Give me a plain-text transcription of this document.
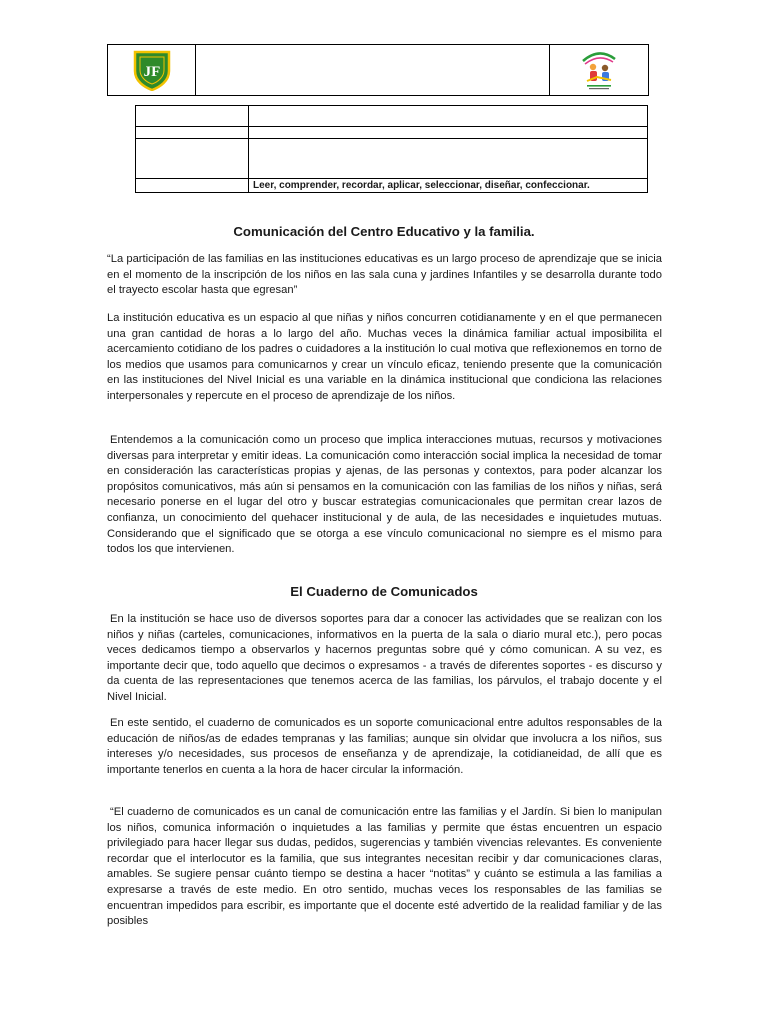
JF

	Leer, comprender, recordar, aplicar, seleccionar, diseñar, confeccionar.
Comunicación del Centro Educativo y la familia.

“La participación de las familias en las instituciones educativas es un largo proceso de aprendizaje que se inicia en el momento de la inscripción de los niños en las sala cuna y jardines Infantiles y se desarrolla durante todo el trayecto escolar hasta que egresan”

La institución educativa es un espacio al que niñas y niños concurren cotidianamente y en el que permanecen una gran cantidad de horas a lo largo del año. Muchas veces la dinámica familiar actual imposibilita el acercamiento cotidiano de los padres o cuidadores a la institución lo cual motiva que reflexionemos en torno de los medios que usamos para comunicarnos y crear un vínculo eficaz, teniendo presente que la comunicación en las instituciones del Nivel Inicial es una variable en la dinámica institucional que condiciona las relaciones interpersonales y repercute en el proceso de aprendizaje de los niños.

Entendemos a la comunicación como un proceso que implica interacciones mutuas, recursos y motivaciones diversas para interpretar y emitir ideas. La comunicación como interacción social implica la necesidad de tomar en consideración las características propias y ajenas, de las personas y contextos, para poder alcanzar los propósitos comunicativos, más aún si pensamos en la comunicación con las familias de los niños y niñas, será necesario ponerse en el lugar del otro y buscar estrategias comunicacionales que permitan crear lazos de confianza, un conocimiento del quehacer institucional y de aula, de las necesidades e inquietudes mutuas. Considerando que el significado que se otorga a ese vínculo comunicacional no siempre es el mismo para todos los que intervienen.

El Cuaderno de Comunicados

En la institución se hace uso de diversos soportes para dar a conocer las actividades que se realizan con los niños y niñas (carteles, comunicaciones, informativos en la puerta de la sala o diario mural etc.), pero pocas veces dedicamos tiempo a observarlos y hacernos preguntas sobre qué y cómo comunican. A su vez, es importante decir que, todo aquello que decimos o expresamos - a través de diferentes soportes - es discurso y da cuenta de las representaciones que tenemos acerca de las familias, los párvulos, el trabajo docente y el Nivel Inicial.

En este sentido, el cuaderno de comunicados es un soporte comunicacional entre adultos responsables de la educación de niños/as de edades tempranas y las familias; aunque sin olvidar que involucra a los niños, sus intereses y/o necesidades, sus procesos de enseñanza y de aprendizaje, la cotidianeidad, de allí que es importante tenerlos en cuenta a la hora de hacer circular la información.

“El cuaderno de comunicados es un canal de comunicación entre las familias y el Jardín. Si bien lo manipulan los niños, comunica información o inquietudes a las familias y permite que éstas encuentren un espacio privilegiado para hacer llegar sus dudas, pedidos, sugerencias y también vivencias relevantes. Es conveniente recordar que el interlocutor es la familia, que sus integrantes necesitan recibir y dar comunicaciones claras, amables. Se sugiere pensar cuánto tiempo se destina a hacer “notitas” y cuánto se estimula a las familias a expresarse a través de este medio. En otro sentido, muchas veces los responsables de las familias se encuentran impedidos para escribir, es importante que el docente esté advertido de la realidad familiar y de las posibles
